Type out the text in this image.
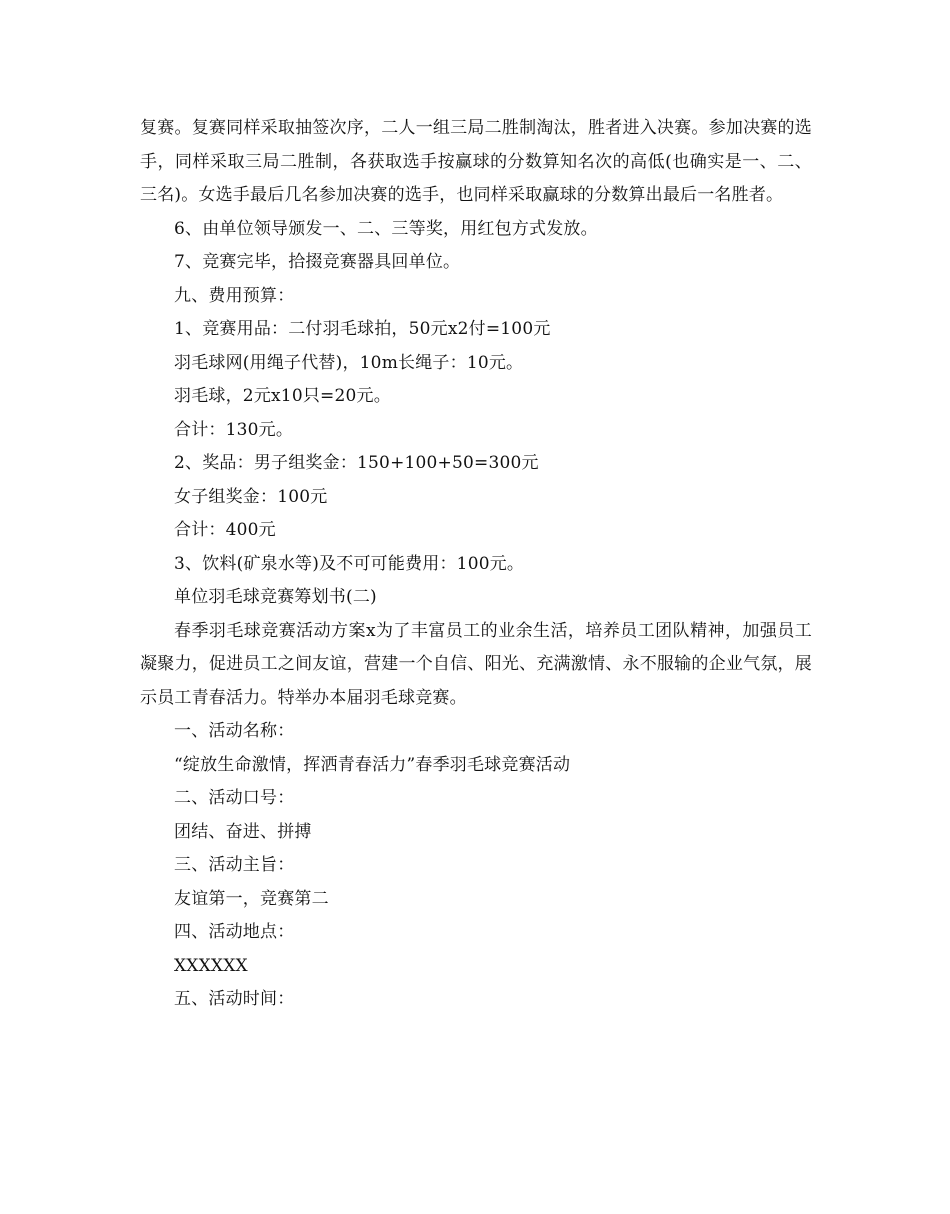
复赛。复赛同样采取抽签次序，二人一组三局二胜制淘汰，胜者进入决赛。参加决赛的选手，同样采取三局二胜制，各获取选手按赢球的分数算知名次的高低(也确实是一、二、三名)。女选手最后几名参加决赛的选手，也同样采取赢球的分数算出最后一名胜者。

6、由单位领导颁发一、二、三等奖，用红包方式发放。

7、竞赛完毕，拾掇竞赛器具回单位。

九、费用预算：

1、竞赛用品：二付羽毛球拍，50元x2付=100元

羽毛球网(用绳子代替)，10m长绳子：10元。

羽毛球，2元x10只=20元。

合计：130元。

2、奖品：男子组奖金：150+100+50=300元

女子组奖金：100元

合计：400元

3、饮料(矿泉水等)及不可可能费用：100元。

单位羽毛球竞赛筹划书(二)

春季羽毛球竞赛活动方案x为了丰富员工的业余生活，培养员工团队精神，加强员工凝聚力，促进员工之间友谊，营建一个自信、阳光、充满激情、永不服输的企业气氛，展示员工青春活力。特举办本届羽毛球竞赛。

一、活动名称：

“绽放生命激情，挥洒青春活力”春季羽毛球竞赛活动

二、活动口号：

团结、奋进、拼搏

三、活动主旨：

友谊第一，竞赛第二

四、活动地点：

XXXXXX

五、活动时间：
